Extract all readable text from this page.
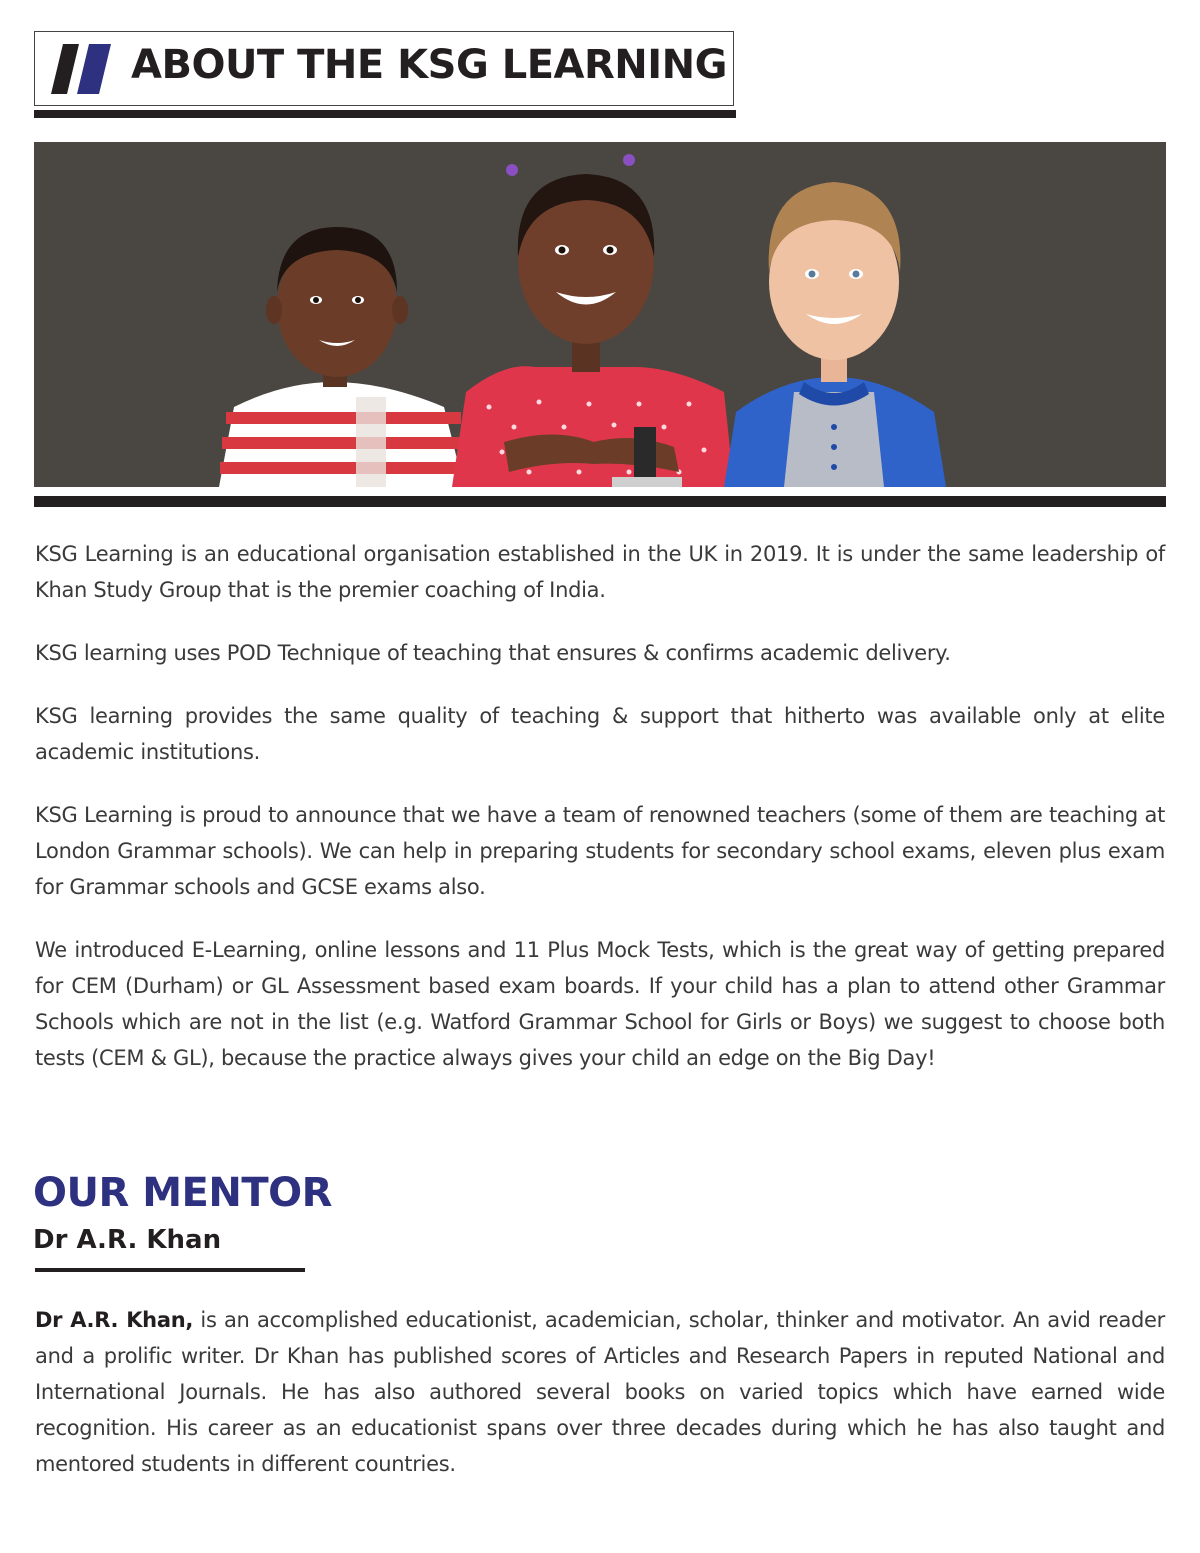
ABOUT THE KSG LEARNING

KSG Learning is an educational organisation established in the UK in 2019. It is under the same leadership of Khan Study Group that is the premier coaching of India.

KSG learning uses POD Technique of teaching that ensures & confirms academic delivery.

KSG learning provides the same quality of teaching & support that hitherto was available only at elite academic institutions.

KSG Learning is proud to announce that we have a team of renowned teachers (some of them are teaching at London Grammar schools). We can help in preparing students for secondary school exams, eleven plus exam for Grammar schools and GCSE exams also.

We introduced E-Learning, online lessons and 11 Plus Mock Tests, which is the great way of getting prepared for CEM (Durham) or GL Assessment based exam boards. If your child has a plan to attend other Grammar Schools which are not in the list (e.g. Watford Grammar School for Girls or Boys) we suggest to choose both tests (CEM & GL), because the practice always gives your child an edge on the Big Day!

OUR MENTOR
Dr A.R. Khan

Dr A.R. Khan, is an accomplished educationist, academician, scholar, thinker and motivator. An avid reader and a prolific writer. Dr Khan has published scores of Articles and Research Papers in reputed National and International Journals. He has also authored several books on varied topics which have earned wide recognition. His career as an educationist spans over three decades during which he has also taught and mentored students in different countries.
